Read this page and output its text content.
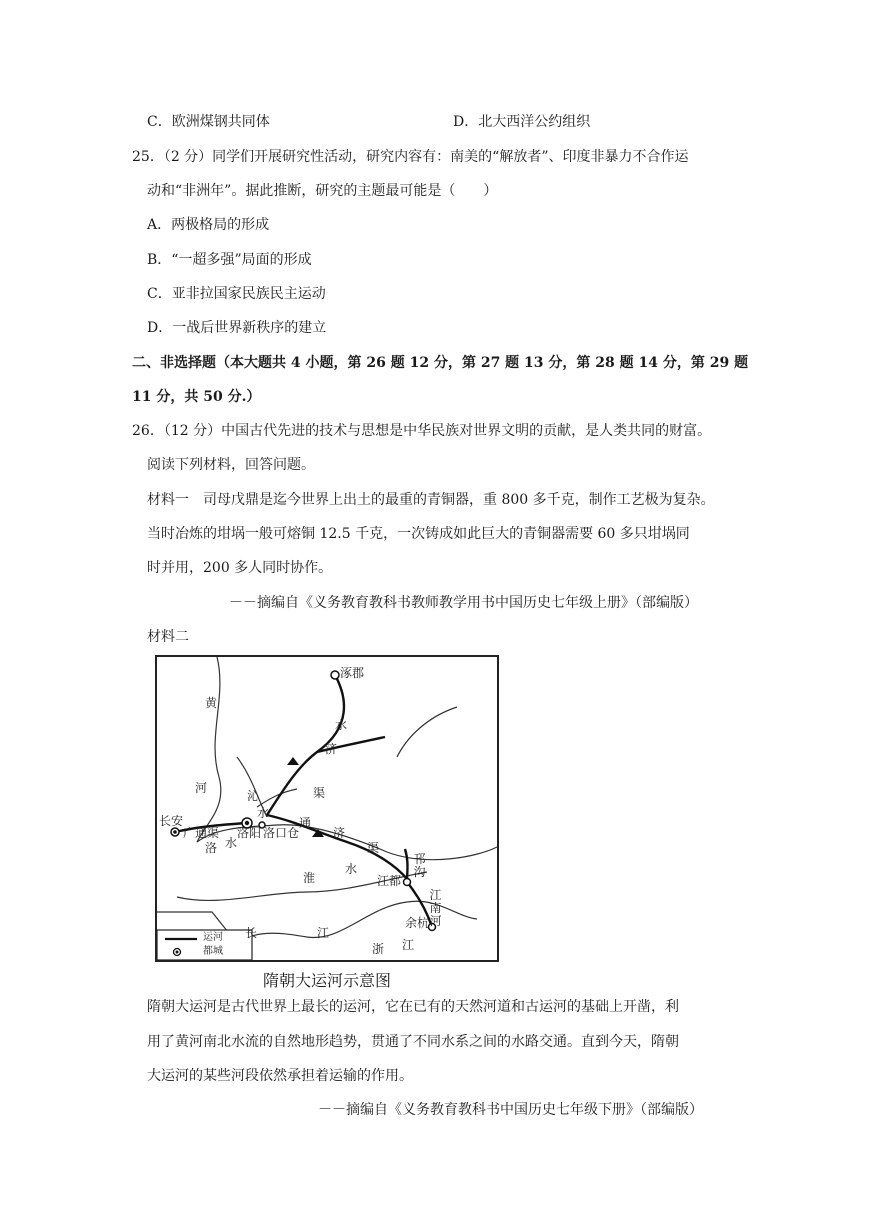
C．欧洲煤钢共同体	D．北大西洋公约组织
25．（2 分）同学们开展研究性活动，研究内容有：南美的“解放者”、印度非暴力不合作运
动和“非洲年”。据此推断，研究的主题最可能是（　　）
A．两极格局的形成
B．“一超多强”局面的形成
C．亚非拉国家民族民主运动
D．一战后世界新秩序的建立
二、非选择题（本大题共 4 小题，第 26 题 12 分，第 27 题 13 分，第 28 题 14 分，第 29 题
11 分，共 50 分.）
26．（12 分）中国古代先进的技术与思想是中华民族对世界文明的贡献，是人类共同的财富。
阅读下列材料，回答问题。
材料一　司母戊鼎是迄今世界上出土的最重的青铜器，重 800 多千克，制作工艺极为复杂。
当时冶炼的坩埚一般可熔铜 12.5 千克，一次铸成如此巨大的青铜器需要 60 多只坩埚同
时并用，200 多人同时协作。
－－摘编自《义务教育教科书教师教学用书中国历史七年级上册》（部编版）
材料二
涿郡
黄
河
水
济
沁	渠
水
通
长安
广通渠 洛阳 洛口仓
洛 水
济
渠
水
淮
邗沟
江都
江南河
长	江
余杭
浙 江
运河
都城
隋朝大运河示意图
隋朝大运河是古代世界上最长的运河，它在已有的天然河道和古运河的基础上开凿，利
用了黄河南北水流的自然地形趋势，贯通了不同水系之间的水路交通。直到今天，隋朝
大运河的某些河段依然承担着运输的作用。
－－摘编自《义务教育教科书中国历史七年级下册》（部编版）
